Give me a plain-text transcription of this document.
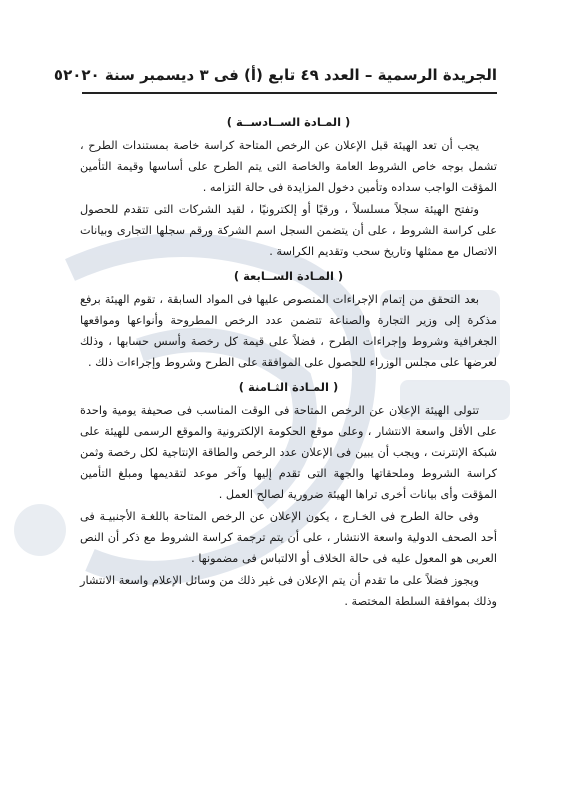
الجريدة الرسمية – العدد ٤٩ تابع (أ) فى ٣ ديسمبر سنة ٢٠٢٠
٥
( المـادة الســادســة )
يجب أن تعد الهيئة قبل الإعلان عن الرخص المتاحة كراسة خاصة بمستندات الطرح ، تشمل بوجه خاص الشروط العامة والخاصة التى يتم الطرح على أساسها وقيمة التأمين المؤقت الواجب سداده وتأمين دخول المزايدة فى حالة التزامه .
وتفتح الهيئة سجلاً مسلسلاً ، ورقيًا أو إلكترونيًا ، لقيد الشركات التى تتقدم للحصول على كراسة الشروط ، على أن يتضمن السجل اسم الشركة ورقم سجلها التجارى وبيانات الاتصال مع ممثلها وتاريخ سحب وتقديم الكراسة .
( المـادة الســابعة )
بعد التحقق من إتمام الإجراءات المنصوص عليها فى المواد السابقة ، تقوم الهيئة برفع مذكرة إلى وزير التجارة والصناعة تتضمن عدد الرخص المطروحة وأنواعها ومواقعها الجغرافية وشروط وإجراءات الطرح ، فضلاً على قيمة كل رخصة وأسس حسابها ، وذلك لعرضها على مجلس الوزراء للحصول على الموافقة على الطرح وشروط وإجراءات ذلك .
( المـادة الثـامنة )
تتولى الهيئة الإعلان عن الرخص المتاحة فى الوقت المناسب فى صحيفة يومية واحدة على الأقل واسعة الانتشار ، وعلى موقع الحكومة الإلكترونية والموقع الرسمى للهيئة على شبكة الإنترنت ، ويجب أن يبين فى الإعلان عدد الرخص والطاقة الإنتاجية لكل رخصة وثمن كراسة الشروط وملحقاتها والجهة التى تقدم إليها وآخر موعد لتقديمها ومبلغ التأمين المؤقت وأى بيانات أخرى تراها الهيئة ضرورية لصالح العمل .
وفى حالة الطرح فى الخـارج ، يكون الإعلان عن الرخص المتاحة باللغـة الأجنبيـة فى أحد الصحف الدولية واسعة الانتشار ، على أن يتم ترجمة كراسة الشروط مع ذكر أن النص العربى هو المعول عليه فى حالة الخلاف أو الالتباس فى مضمونها .
ويجوز فضلاً على ما تقدم أن يتم الإعلان فى غير ذلك من وسائل الإعلام واسعة الانتشار وذلك بموافقة السلطة المختصة .
